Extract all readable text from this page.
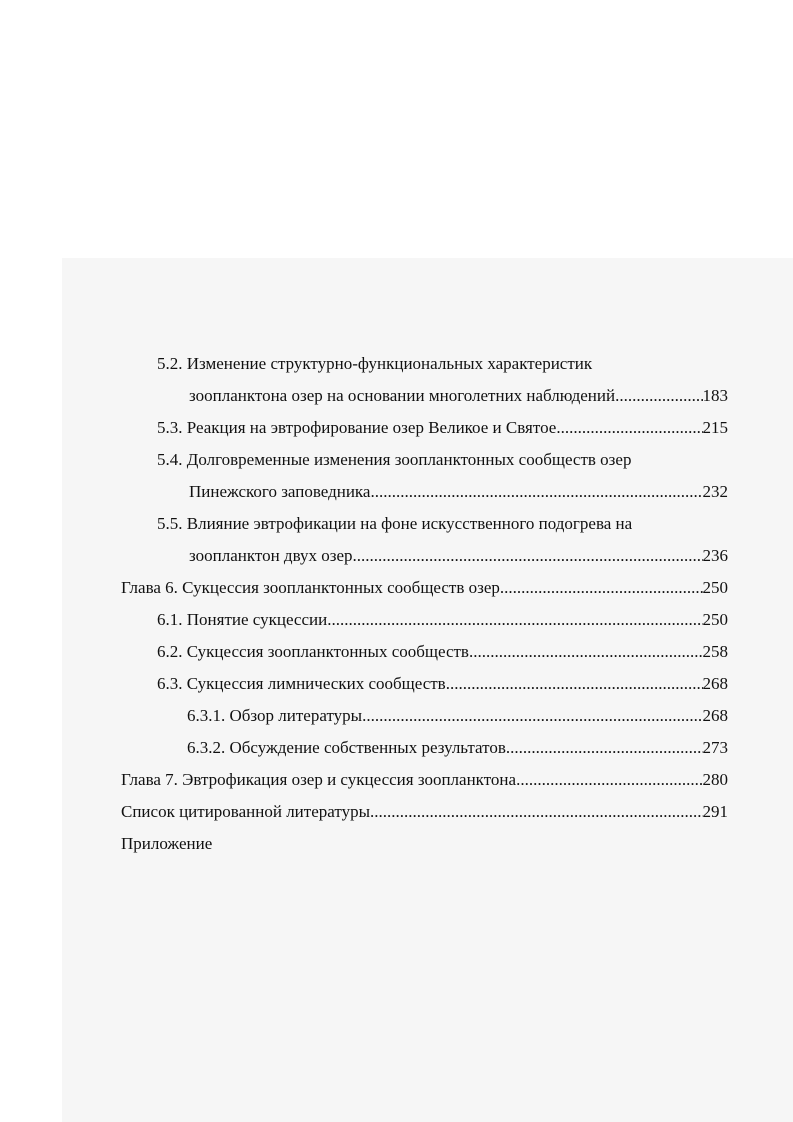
5.2. Изменение структурно-функциональных характеристик
зоопланктона озер на основании многолетних наблюдений .....	183
5.3. Реакция на эвтрофирование озер Великое и Святое .....	215
5.4. Долговременные изменения зоопланктонных сообществ озер
Пинежского заповедника .....	232
5.5. Влияние эвтрофикации на фоне искусственного подогрева на
зоопланктон двух озер .....	236
Глава 6. Сукцессия зоопланктонных сообществ озер .....	250
6.1. Понятие сукцессии .....	250
6.2. Сукцессия зоопланктонных сообществ .....	258
6.3. Сукцессия лимнических сообществ .....	268
6.3.1. Обзор литературы .....	268
6.3.2. Обсуждение собственных результатов .....	273
Глава 7. Эвтрофикация озер и сукцессия зоопланктона .....	280
Список цитированной литературы .....	291
Приложение
